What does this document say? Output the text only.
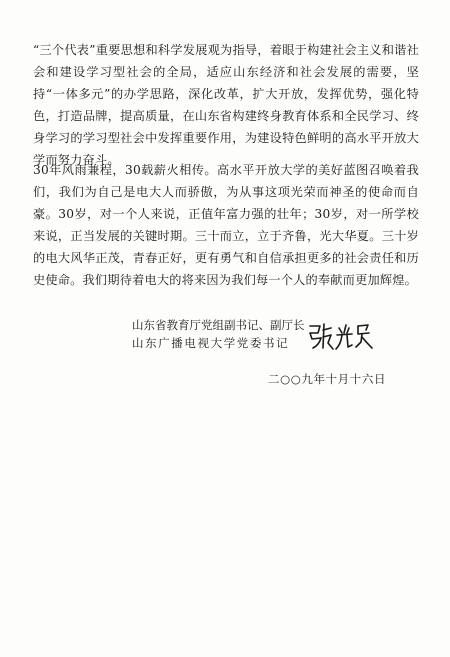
“三个代表”重要思想和科学发展观为指导，着眼于构建社会主义和谐社会和建设学习型社会的全局，适应山东经济和社会发展的需要，坚持“一体多元”的办学思路，深化改革，扩大开放，发挥优势，强化特色，打造品牌，提高质量，在山东省构建终身教育体系和全民学习、终身学习的学习型社会中发挥重要作用，为建设特色鲜明的高水平开放大学而努力奋斗。

30年风雨兼程，30载薪火相传。高水平开放大学的美好蓝图召唤着我们，我们为自己是电大人而骄傲，为从事这项光荣而神圣的使命而自豪。30岁，对一个人来说，正值年富力强的壮年；30岁，对一所学校来说，正当发展的关键时期。三十而立，立于齐鲁，光大华夏。三十岁的电大风华正茂，青春正好，更有勇气和自信承担更多的社会责任和历史使命。我们期待着电大的将来因为我们每一个人的奉献而更加辉煌。

山东省教育厅党组副书记、副厅长
山东广播电视大学党委书记
二○○九年十月十六日
